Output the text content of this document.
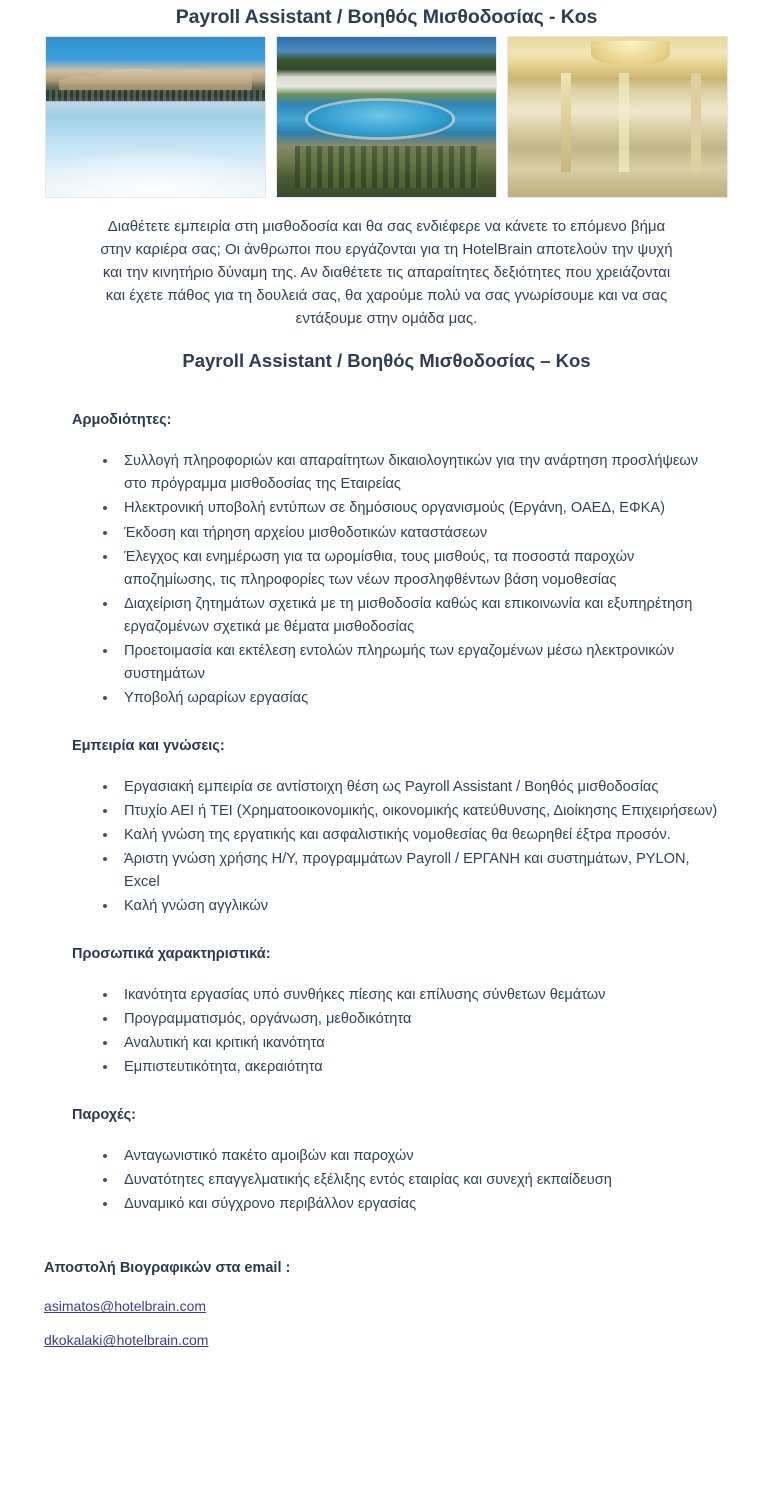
Payroll Assistant / Βοηθός Μισθοδοσίας - Kos

Διαθέτετε εμπειρία στη μισθοδοσία και θα σας ενδιέφερε να κάνετε το επόμενο βήμα στην καριέρα σας; Οι άνθρωποι που εργάζονται για τη HotelBrain αποτελούν την ψυχή και την κινητήριο δύναμη της. Αν διαθέτετε τις απαραίτητες δεξιότητες που χρειάζονται και έχετε πάθος για τη δουλειά σας, θα χαρούμε πολύ να σας γνωρίσουμε και να σας εντάξουμε στην ομάδα μας.

Payroll Assistant / Βοηθός Μισθοδοσίας – Kos
Αρμοδιότητες:
Συλλογή πληροφοριών και απαραίτητων δικαιολογητικών για την ανάρτηση προσλήψεων στο πρόγραμμα μισθοδοσίας της Εταιρείας
Ηλεκτρονική υποβολή εντύπων σε δημόσιους οργανισμούς (Εργάνη, ΟΑΕΔ, ΕΦΚΑ)
Έκδοση και τήρηση αρχείου μισθοδοτικών καταστάσεων
Έλεγχος και ενημέρωση για τα ωρομίσθια, τους μισθούς, τα ποσοστά παροχών αποζημίωσης, τις πληροφορίες των νέων προσληφθέντων βάση νομοθεσίας
Διαχείριση ζητημάτων σχετικά με τη μισθοδοσία καθώς και επικοινωνία και εξυπηρέτηση εργαζομένων σχετικά με θέματα μισθοδοσίας
Προετοιμασία και εκτέλεση εντολών πληρωμής των εργαζομένων μέσω ηλεκτρονικών συστημάτων
Υποβολή ωραρίων εργασίας
Εμπειρία και γνώσεις:
Εργασιακή εμπειρία σε αντίστοιχη θέση ως Payroll Assistant / Βοηθός μισθοδοσίας
Πτυχίο ΑΕΙ ή ΤΕΙ (Χρηματοοικονομικής, οικονομικής κατεύθυνσης, Διοίκησης Επιχειρήσεων)
Καλή γνώση της εργατικής και ασφαλιστικής νομοθεσίας θα θεωρηθεί έξτρα προσόν.
Άριστη γνώση χρήσης Η/Υ, προγραμμάτων Payroll / ΕΡΓΑΝΗ και συστημάτων, PYLON, Excel
Καλή γνώση αγγλικών
Προσωπικά χαρακτηριστικά:
Ικανότητα εργασίας υπό συνθήκες πίεσης και επίλυσης σύνθετων θεμάτων
Προγραμματισμός, οργάνωση, μεθοδικότητα
Αναλυτική και κριτική ικανότητα
Εμπιστευτικότητα, ακεραιότητα
Παροχές:
Ανταγωνιστικό πακέτο αμοιβών και παροχών
Δυνατότητες επαγγελματικής εξέλιξης εντός εταιρίας και συνεχή εκπαίδευση
Δυναμικό και σύγχρονο περιβάλλον εργασίας
Αποστολή Βιογραφικών στα email :
asimatos@hotelbrain.com
dkokalaki@hotelbrain.com
